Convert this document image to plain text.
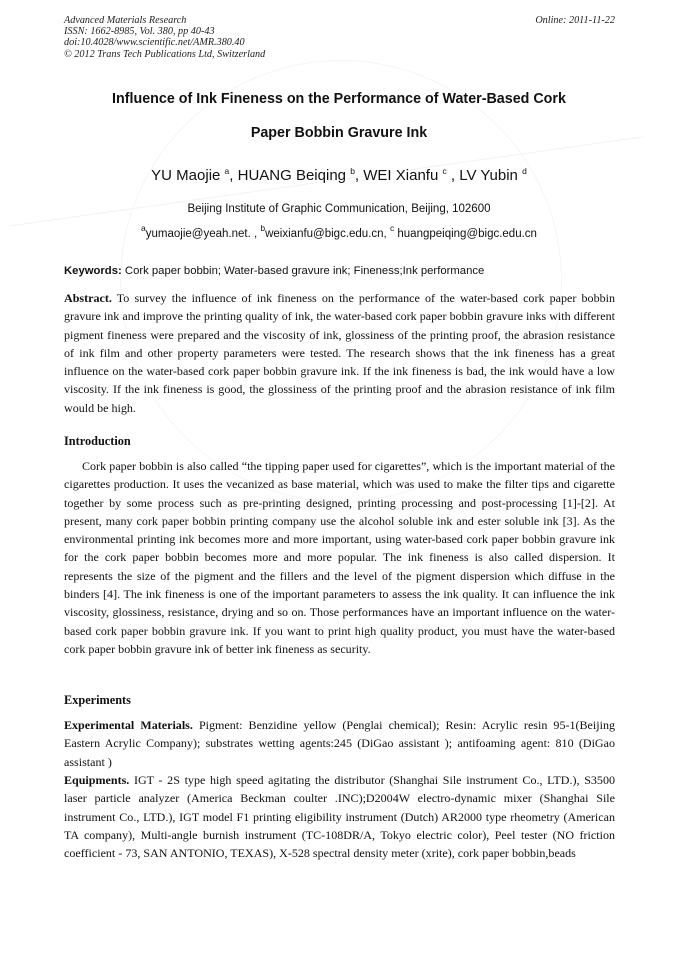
Advanced Materials Research
ISSN: 1662-8985, Vol. 380, pp 40-43
doi:10.4028/www.scientific.net/AMR.380.40
© 2012 Trans Tech Publications Ltd, Switzerland
Online: 2011-11-22
Influence of Ink Fineness on the Performance of Water-Based Cork
Paper Bobbin Gravure Ink
YU Maojie $^a$, HUANG Beiqing $^b$, WEI Xianfu $^c$ , LV Yubin $^d$
Beijing Institute of Graphic Communication, Beijing, 102600
$^a$yumaojie@yeah.net. , $^b$weixianfu@bigc.edu.cn, $^c$ huangpeiqing@bigc.edu.cn
Keywords: Cork paper bobbin; Water-based gravure ink; Fineness;Ink performance
Abstract. To survey the influence of ink fineness on the performance of the water-based cork paper bobbin gravure ink and improve the printing quality of ink, the water-based cork paper bobbin gravure inks with different pigment fineness were prepared and the viscosity of ink, glossiness of the printing proof, the abrasion resistance of ink film and other property parameters were tested. The research shows that the ink fineness has a great influence on the water-based cork paper bobbin gravure ink. If the ink fineness is bad, the ink would have a low viscosity. If the ink fineness is good, the glossiness of the printing proof and the abrasion resistance of ink film would be high.
Introduction
Cork paper bobbin is also called “the tipping paper used for cigarettes”, which is the important material of the cigarettes production. It uses the vecanized as base material, which was used to make the filter tips and cigarette together by some process such as pre-printing designed, printing processing and post-processing [1]-[2]. At present, many cork paper bobbin printing company use the alcohol soluble ink and ester soluble ink [3]. As the environmental printing ink becomes more and more important, using water-based cork paper bobbin gravure ink for the cork paper bobbin becomes more and more popular. The ink fineness is also called dispersion. It represents the size of the pigment and the fillers and the level of the pigment dispersion which diffuse in the binders [4]. The ink fineness is one of the important parameters to assess the ink quality. It can influence the ink viscosity, glossiness, resistance, drying and so on. Those performances have an important influence on the water-based cork paper bobbin gravure ink. If you want to print high quality product, you must have the water-based cork paper bobbin gravure ink of better ink fineness as security.
Experiments
Experimental Materials. Pigment: Benzidine yellow (Penglai chemical); Resin: Acrylic resin 95-1(Beijing Eastern Acrylic Company); substrates wetting agents:245 (DiGao assistant ); antifoaming agent: 810 (DiGao assistant )
Equipments. IGT - 2S type high speed agitating the distributor (Shanghai Sile instrument Co., LTD.), S3500 laser particle analyzer (America Beckman coulter .INC);D2004W electro-dynamic mixer (Shanghai Sile instrument Co., LTD.), IGT model F1 printing eligibility instrument (Dutch) AR2000 type rheometry (American TA company), Multi-angle burnish instrument (TC-108DR/A, Tokyo electric color), Peel tester (NO friction coefficient - 73, SAN ANTONIO, TEXAS), X-528 spectral density meter (xrite), cork paper bobbin,beads
